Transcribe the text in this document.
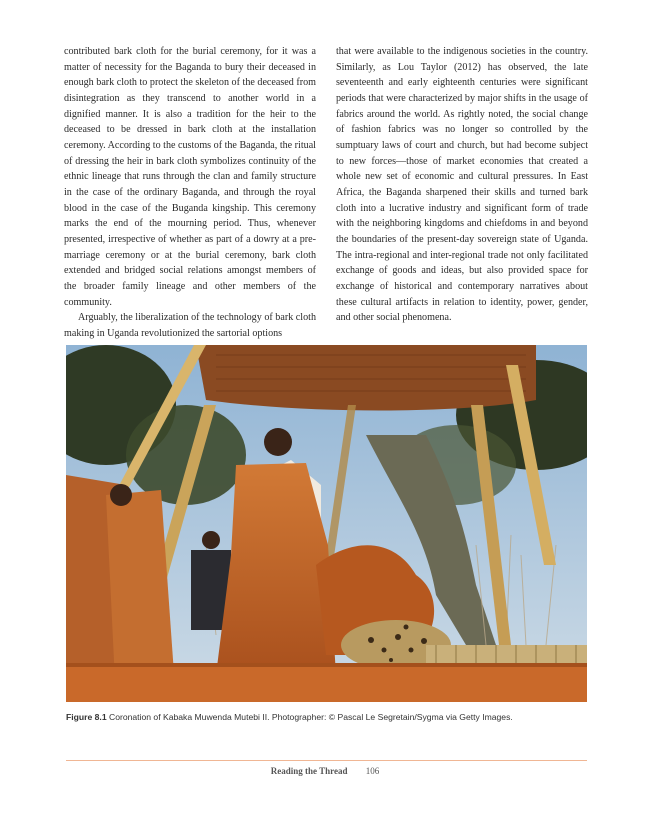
contributed bark cloth for the burial ceremony, for it was a matter of necessity for the Baganda to bury their deceased in enough bark cloth to protect the skeleton of the deceased from disintegration as they transcend to another world in a dignified manner. It is also a tradition for the heir to the deceased to be dressed in bark cloth at the installation ceremony. According to the customs of the Baganda, the ritual of dressing the heir in bark cloth symbolizes continuity of the ethnic lineage that runs through the clan and family structure in the case of the ordinary Baganda, and through the royal blood in the case of the Buganda kingship. This ceremony marks the end of the mourning period. Thus, whenever presented, irrespective of whether as part of a dowry at a pre-marriage ceremony or at the burial ceremony, bark cloth extended and bridged social relations amongst members of the broader family lineage and other members of the community.

Arguably, the liberalization of the technology of bark cloth making in Uganda revolutionized the sartorial options

that were available to the indigenous societies in the country. Similarly, as Lou Taylor (2012) has observed, the late seventeenth and early eighteenth centuries were significant periods that were characterized by major shifts in the usage of fabrics around the world. As rightly noted, the social change of fashion fabrics was no longer so controlled by the sumptuary laws of court and church, but had become subject to new forces—those of market economies that created a whole new set of economic and cultural pressures. In East Africa, the Baganda sharpened their skills and turned bark cloth into a lucrative industry and significant form of trade with the neighboring kingdoms and chiefdoms in and beyond the boundaries of the present-day sovereign state of Uganda. The intra-regional and inter-regional trade not only facilitated exchange of goods and ideas, but also provided space for exchange of historical and contemporary narratives about these cultural artifacts in relation to identity, power, gender, and other social phenomena.

Figure 8.1 Coronation of Kabaka Muwenda Mutebi II. Photographer: © Pascal Le Segretain/Sygma via Getty Images.
Reading the Thread 106
